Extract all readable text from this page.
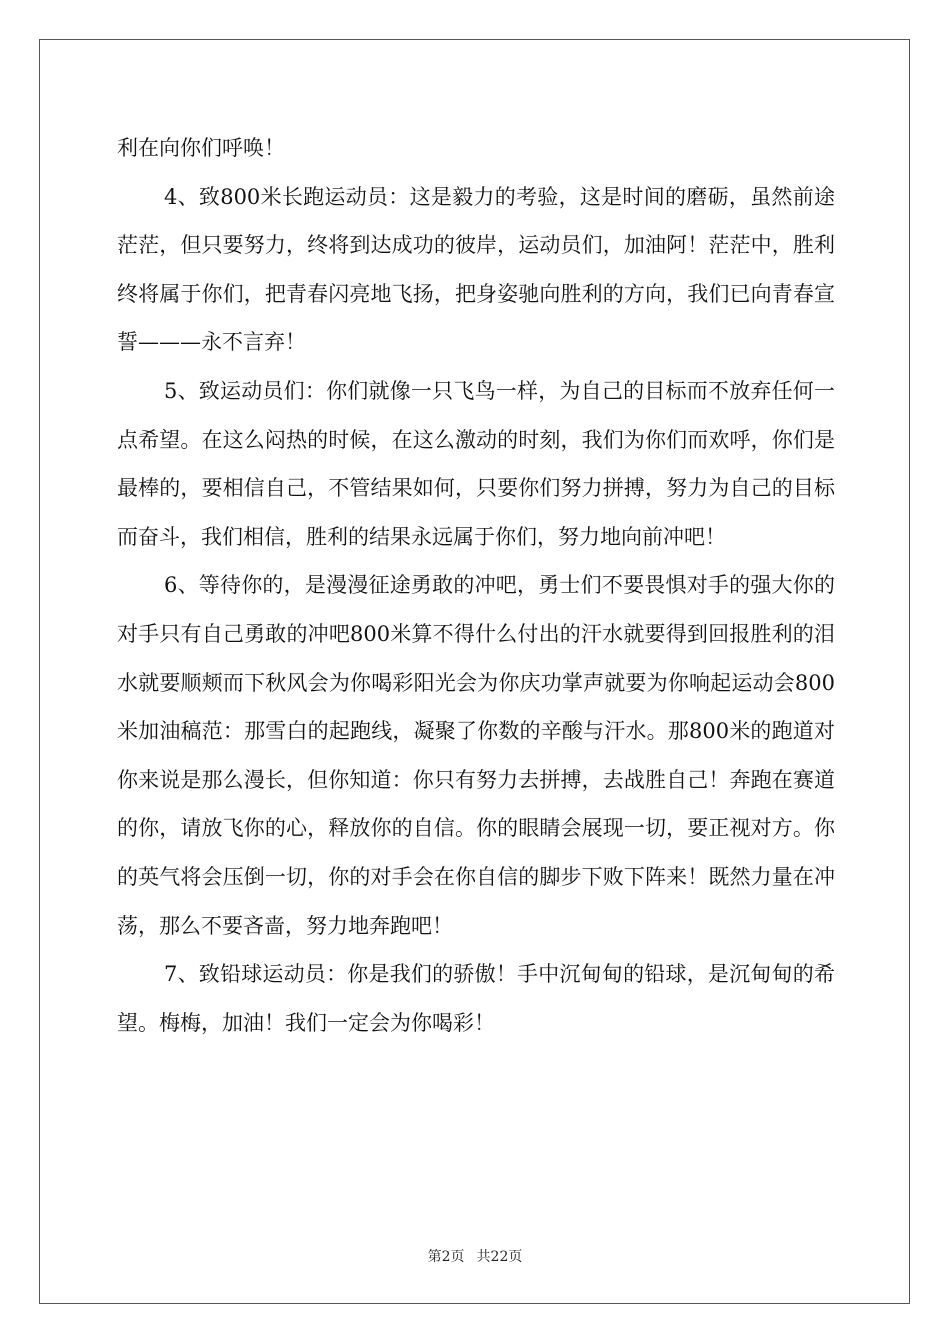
利在向你们呼唤！

4、致800米长跑运动员：这是毅力的考验，这是时间的磨砺，虽然前途茫茫，但只要努力，终将到达成功的彼岸，运动员们，加油阿！茫茫中，胜利终将属于你们，把青春闪亮地飞扬，把身姿驰向胜利的方向，我们已向青春宣誓———永不言弃！

5、致运动员们：你们就像一只飞鸟一样，为自己的目标而不放弃任何一点希望。在这么闷热的时候，在这么激动的时刻，我们为你们而欢呼，你们是最棒的，要相信自己，不管结果如何，只要你们努力拼搏，努力为自己的目标而奋斗，我们相信，胜利的结果永远属于你们，努力地向前冲吧！

6、等待你的，是漫漫征途勇敢的冲吧，勇士们不要畏惧对手的强大你的对手只有自己勇敢的冲吧800米算不得什么付出的汗水就要得到回报胜利的泪水就要顺颊而下秋风会为你喝彩阳光会为你庆功掌声就要为你响起运动会800米加油稿范：那雪白的起跑线，凝聚了你数的辛酸与汗水。那800米的跑道对你来说是那么漫长，但你知道：你只有努力去拼搏，去战胜自己！奔跑在赛道的你，请放飞你的心，释放你的自信。你的眼睛会展现一切，要正视对方。你的英气将会压倒一切，你的对手会在你自信的脚步下败下阵来！既然力量在冲荡，那么不要吝啬，努力地奔跑吧！

7、致铅球运动员：你是我们的骄傲！手中沉甸甸的铅球，是沉甸甸的希望。梅梅，加油！我们一定会为你喝彩！

第2页 共22页
